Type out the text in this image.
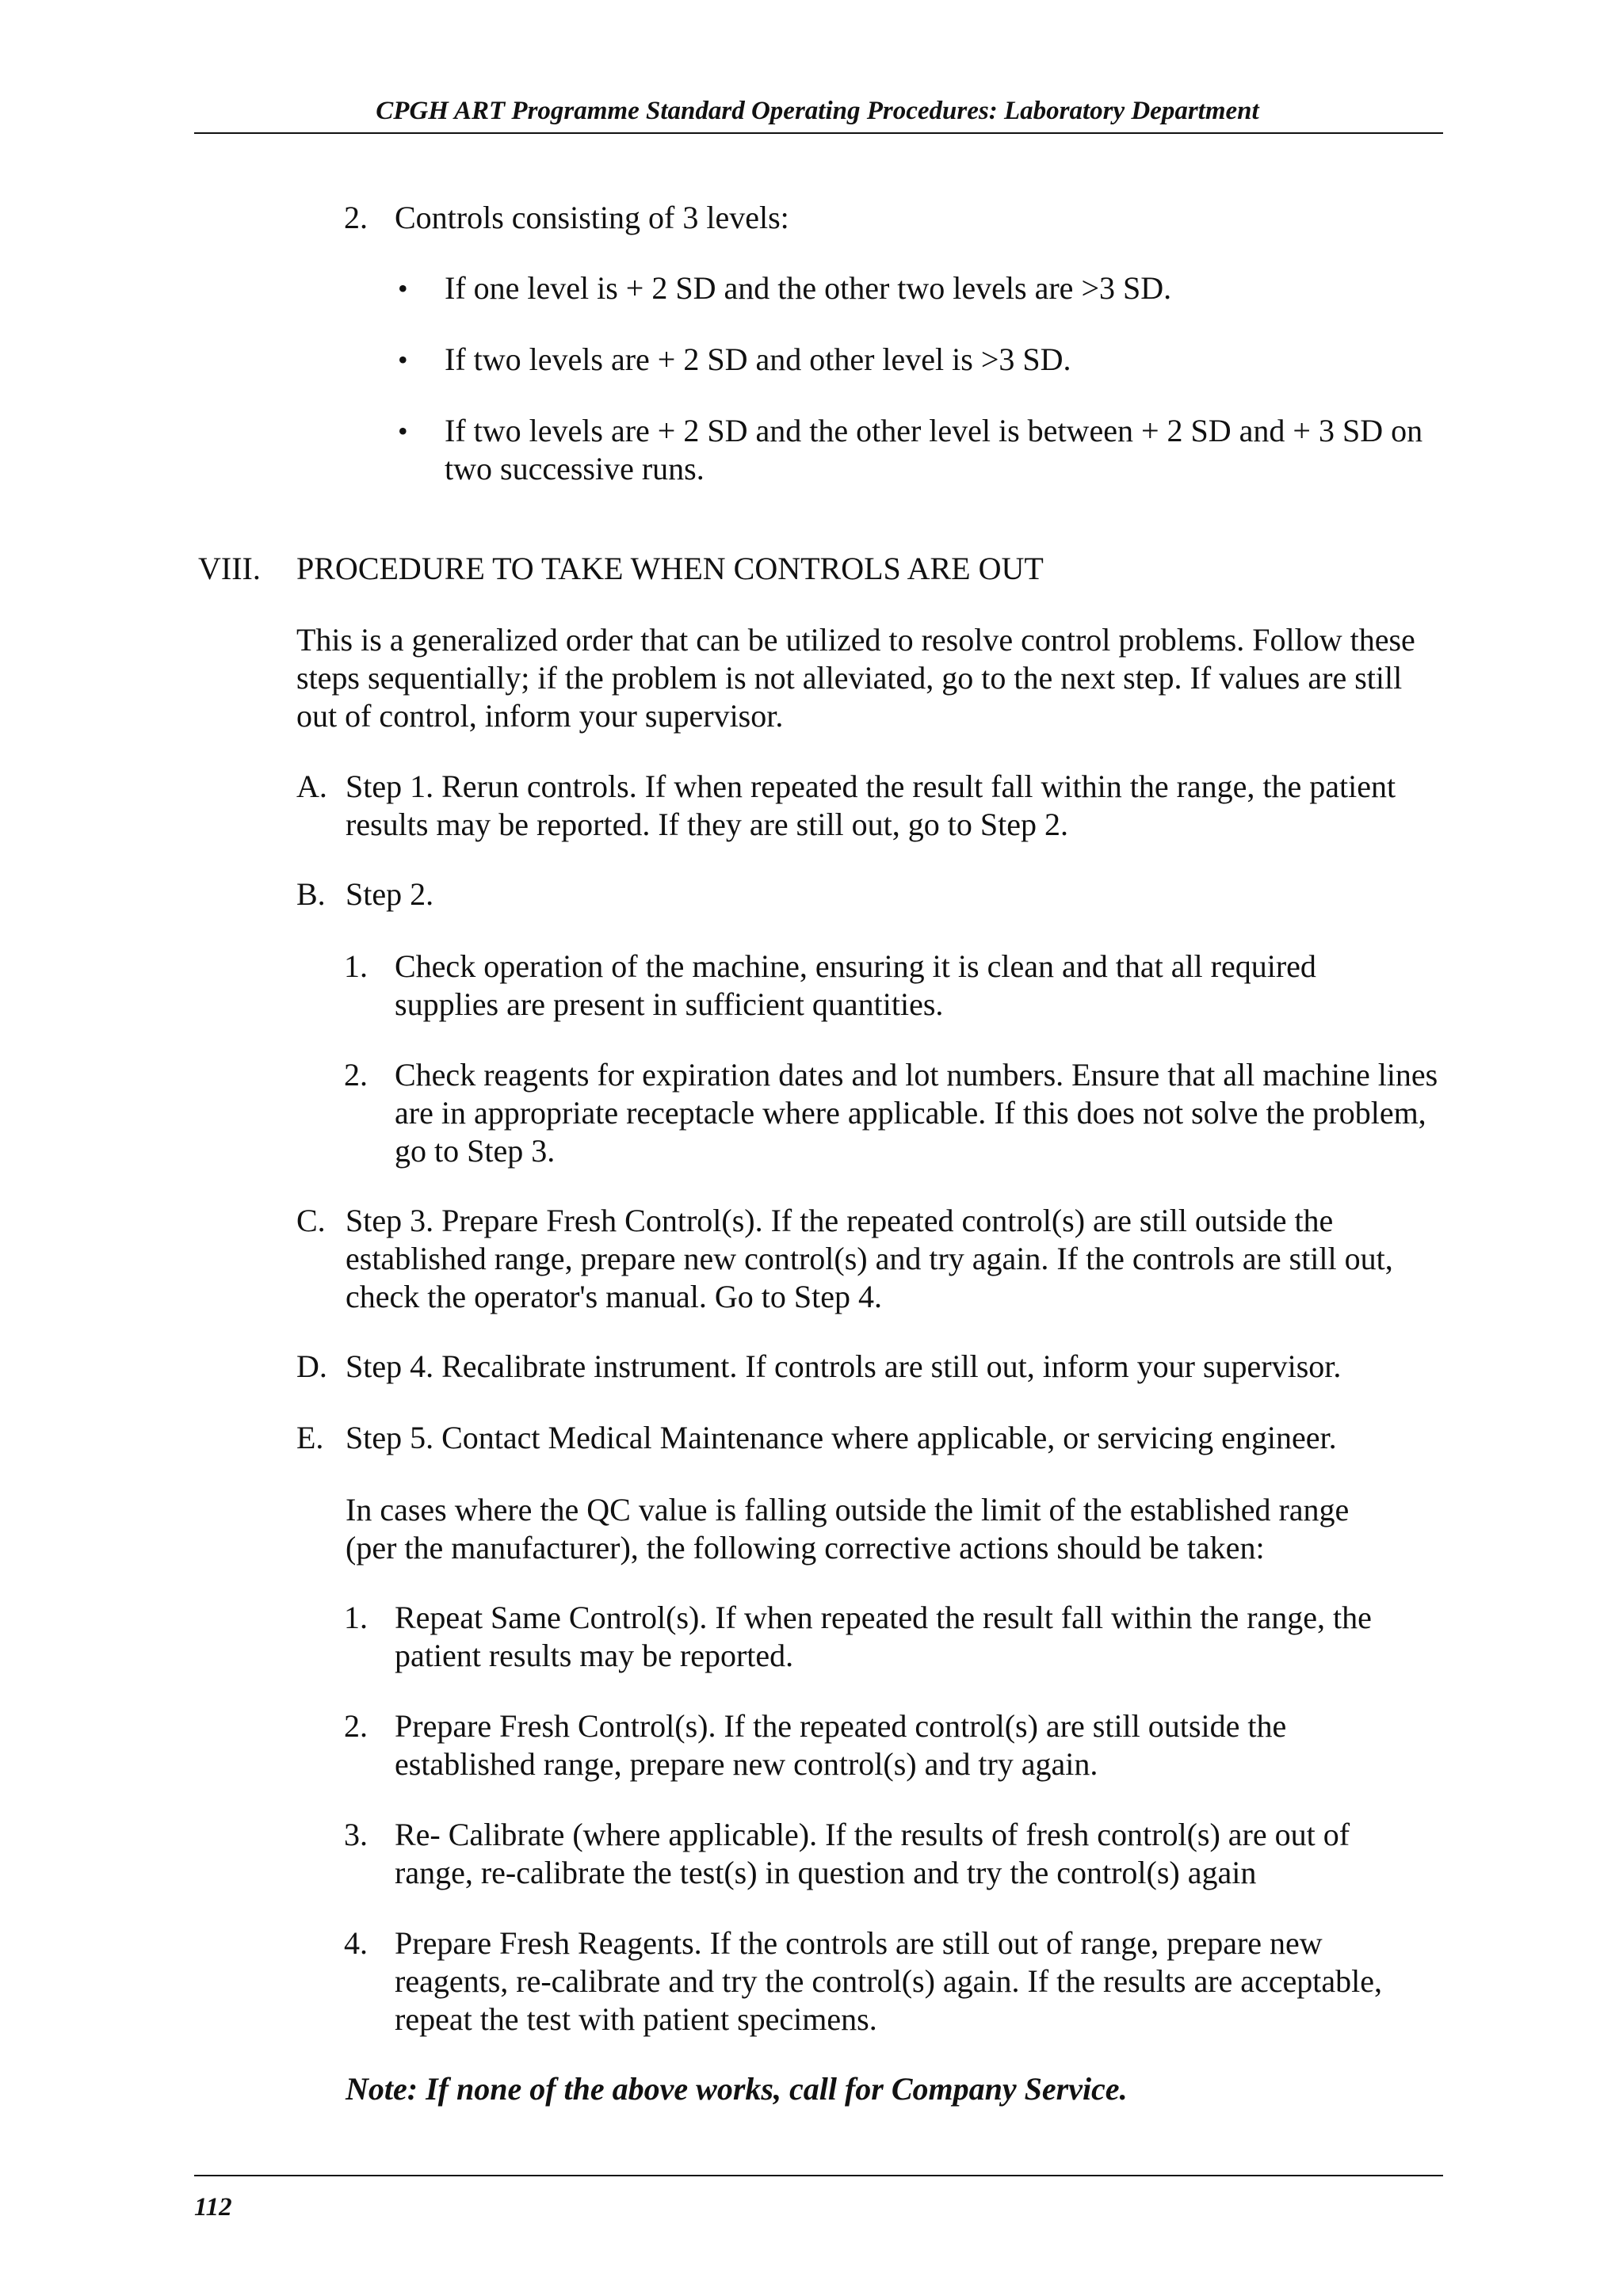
CPGH ART Programme Standard Operating Procedures: Laboratory Department
2. Controls consisting of 3 levels:
• If one level is + 2 SD and the other two levels are >3 SD.
• If two levels are + 2 SD and other level is >3 SD.
• If two levels are + 2 SD and the other level is between + 2 SD and + 3 SD on two successive runs.
VIII. PROCEDURE TO TAKE WHEN CONTROLS ARE OUT
This is a generalized order that can be utilized to resolve control problems. Follow these steps sequentially; if the problem is not alleviated, go to the next step. If values are still out of control, inform your supervisor.
A. Step 1. Rerun controls. If when repeated the result fall within the range, the patient results may be reported. If they are still out, go to Step 2.
B. Step 2.
1. Check operation of the machine, ensuring it is clean and that all required supplies are present in sufficient quantities.
2. Check reagents for expiration dates and lot numbers. Ensure that all machine lines are in appropriate receptacle where applicable. If this does not solve the problem, go to Step 3.
C. Step 3. Prepare Fresh Control(s). If the repeated control(s) are still outside the established range, prepare new control(s) and try again. If the controls are still out, check the operator's manual. Go to Step 4.
D. Step 4. Recalibrate instrument. If controls are still out, inform your supervisor.
E. Step 5. Contact Medical Maintenance where applicable, or servicing engineer.
In cases where the QC value is falling outside the limit of the established range (per the manufacturer), the following corrective actions should be taken:
1. Repeat Same Control(s). If when repeated the result fall within the range, the patient results may be reported.
2. Prepare Fresh Control(s). If the repeated control(s) are still outside the established range, prepare new control(s) and try again.
3. Re- Calibrate (where applicable). If the results of fresh control(s) are out of range, re-calibrate the test(s) in question and try the control(s) again
4. Prepare Fresh Reagents. If the controls are still out of range, prepare new reagents, re-calibrate and try the control(s) again. If the results are acceptable, repeat the test with patient specimens.
Note: If none of the above works, call for Company Service.
112
